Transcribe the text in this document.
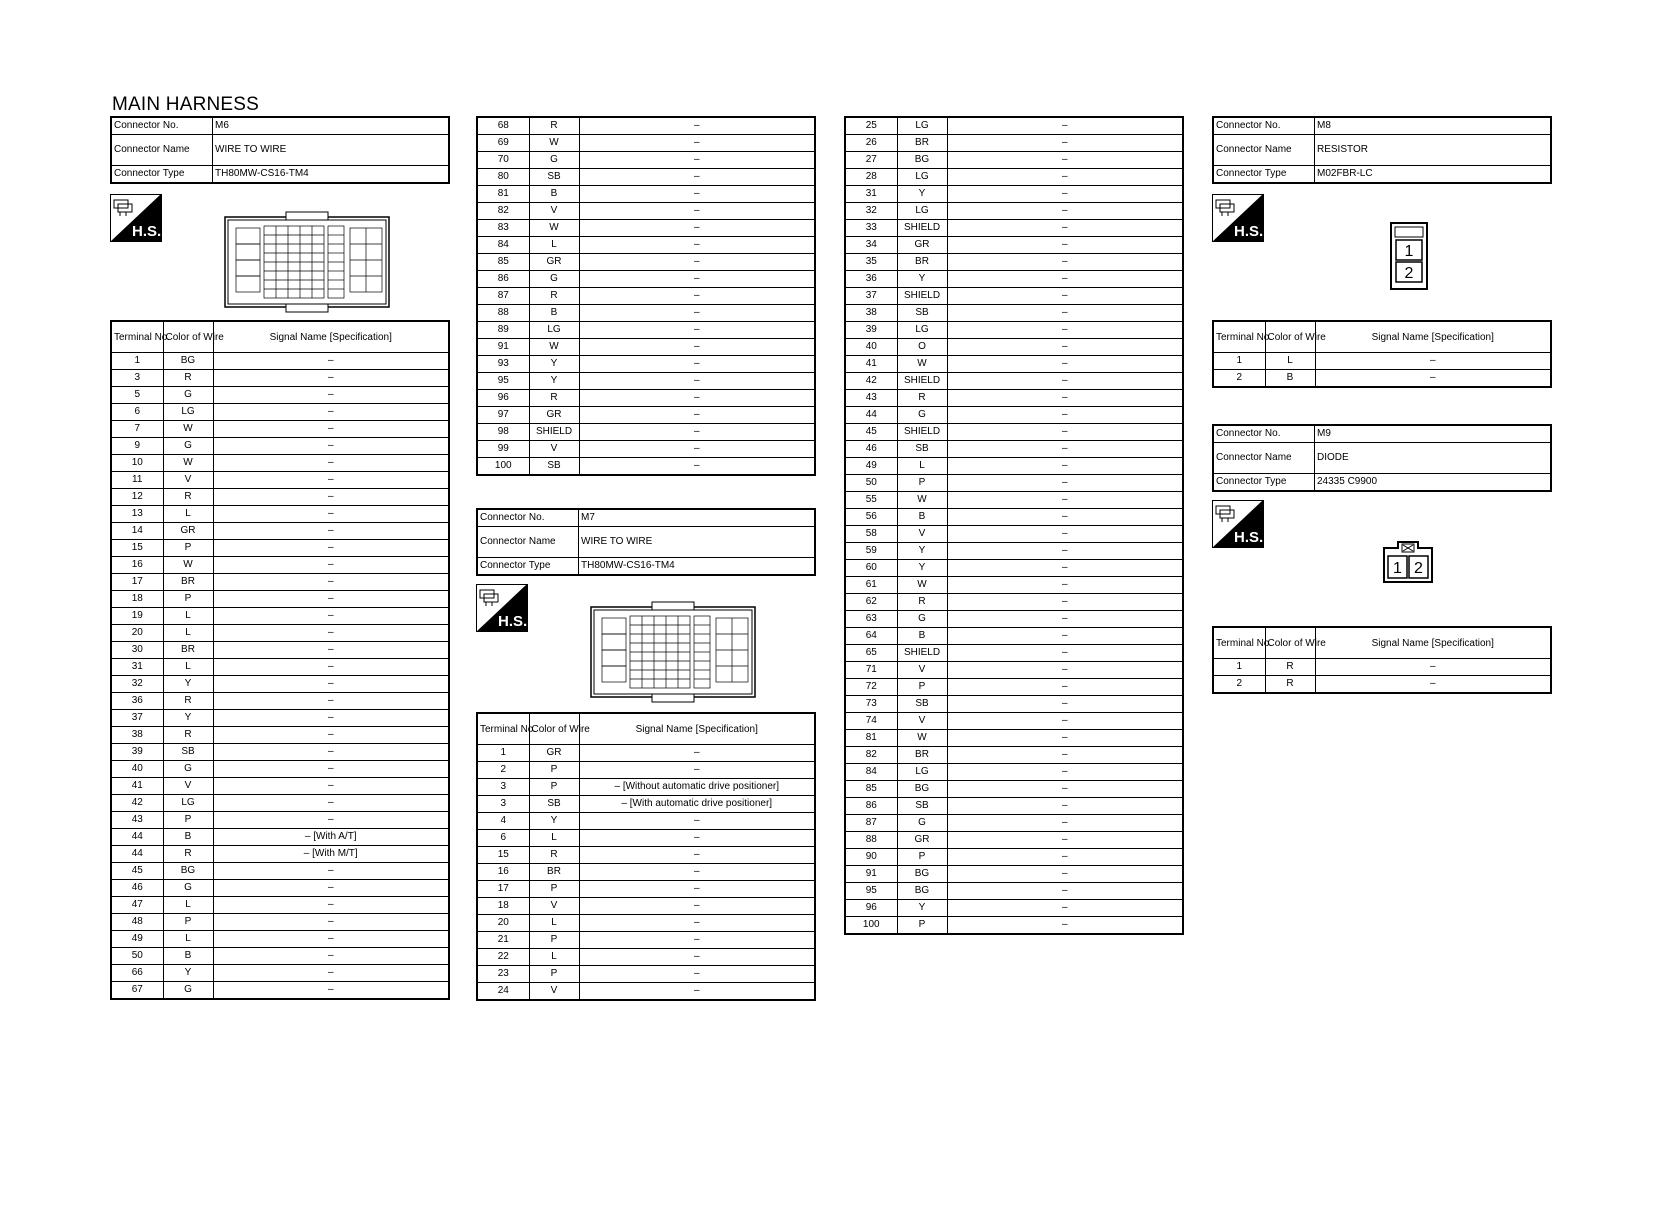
MAIN HARNESS
Connector No.	M6
Connector Name	WIRE TO WIRE
Connector Type	TH80MW-CS16-TM4
H.S.
Terminal No.	Color of Wire	Signal Name [Specification]
1	BG	–
3	R	–
5	G	–
6	LG	–
7	W	–
9	G	–
10	W	–
11	V	–
12	R	–
13	L	–
14	GR	–
15	P	–
16	W	–
17	BR	–
18	P	–
19	L	–
20	L	–
30	BR	–
31	L	–
32	Y	–
36	R	–
37	Y	–
38	R	–
39	SB	–
40	G	–
41	V	–
42	LG	–
43	P	–
44	B	– [With A/T]
44	R	– [With M/T]
45	BG	–
46	G	–
47	L	–
48	P	–
49	L	–
50	B	–
66	Y	–
67	G	–
68	R	–
69	W	–
70	G	–
80	SB	–
81	B	–
82	V	–
83	W	–
84	L	–
85	GR	–
86	G	–
87	R	–
88	B	–
89	LG	–
91	W	–
93	Y	–
95	Y	–
96	R	–
97	GR	–
98	SHIELD	–
99	V	–
100	SB	–
Connector No.	M7
Connector Name	WIRE TO WIRE
Connector Type	TH80MW-CS16-TM4
H.S.
Terminal No.	Color of Wire	Signal Name [Specification]
1	GR	–
2	P	–
3	P	– [Without automatic drive positioner]
3	SB	– [With automatic drive positioner]
4	Y	–
6	L	–
15	R	–
16	BR	–
17	P	–
18	V	–
20	L	–
21	P	–
22	L	–
23	P	–
24	V	–
25	LG	–
26	BR	–
27	BG	–
28	LG	–
31	Y	–
32	LG	–
33	SHIELD	–
34	GR	–
35	BR	–
36	Y	–
37	SHIELD	–
38	SB	–
39	LG	–
40	O	–
41	W	–
42	SHIELD	–
43	R	–
44	G	–
45	SHIELD	–
46	SB	–
49	L	–
50	P	–
55	W	–
56	B	–
58	V	–
59	Y	–
60	Y	–
61	W	–
62	R	–
63	G	–
64	B	–
65	SHIELD	–
71	V	–
72	P	–
73	SB	–
74	V	–
81	W	–
82	BR	–
84	LG	–
85	BG	–
86	SB	–
87	G	–
88	GR	–
90	P	–
91	BG	–
95	BG	–
96	Y	–
100	P	–
Connector No.	M8
Connector Name	RESISTOR
Connector Type	M02FBR-LC
H.S.
1
2
Terminal No.	Color of Wire	Signal Name [Specification]
1	L	–
2	B	–
Connector No.	M9
Connector Name	DIODE
Connector Type	24335 C9900
H.S.
1 2
Terminal No.	Color of Wire	Signal Name [Specification]
1	R	–
2	R	–
